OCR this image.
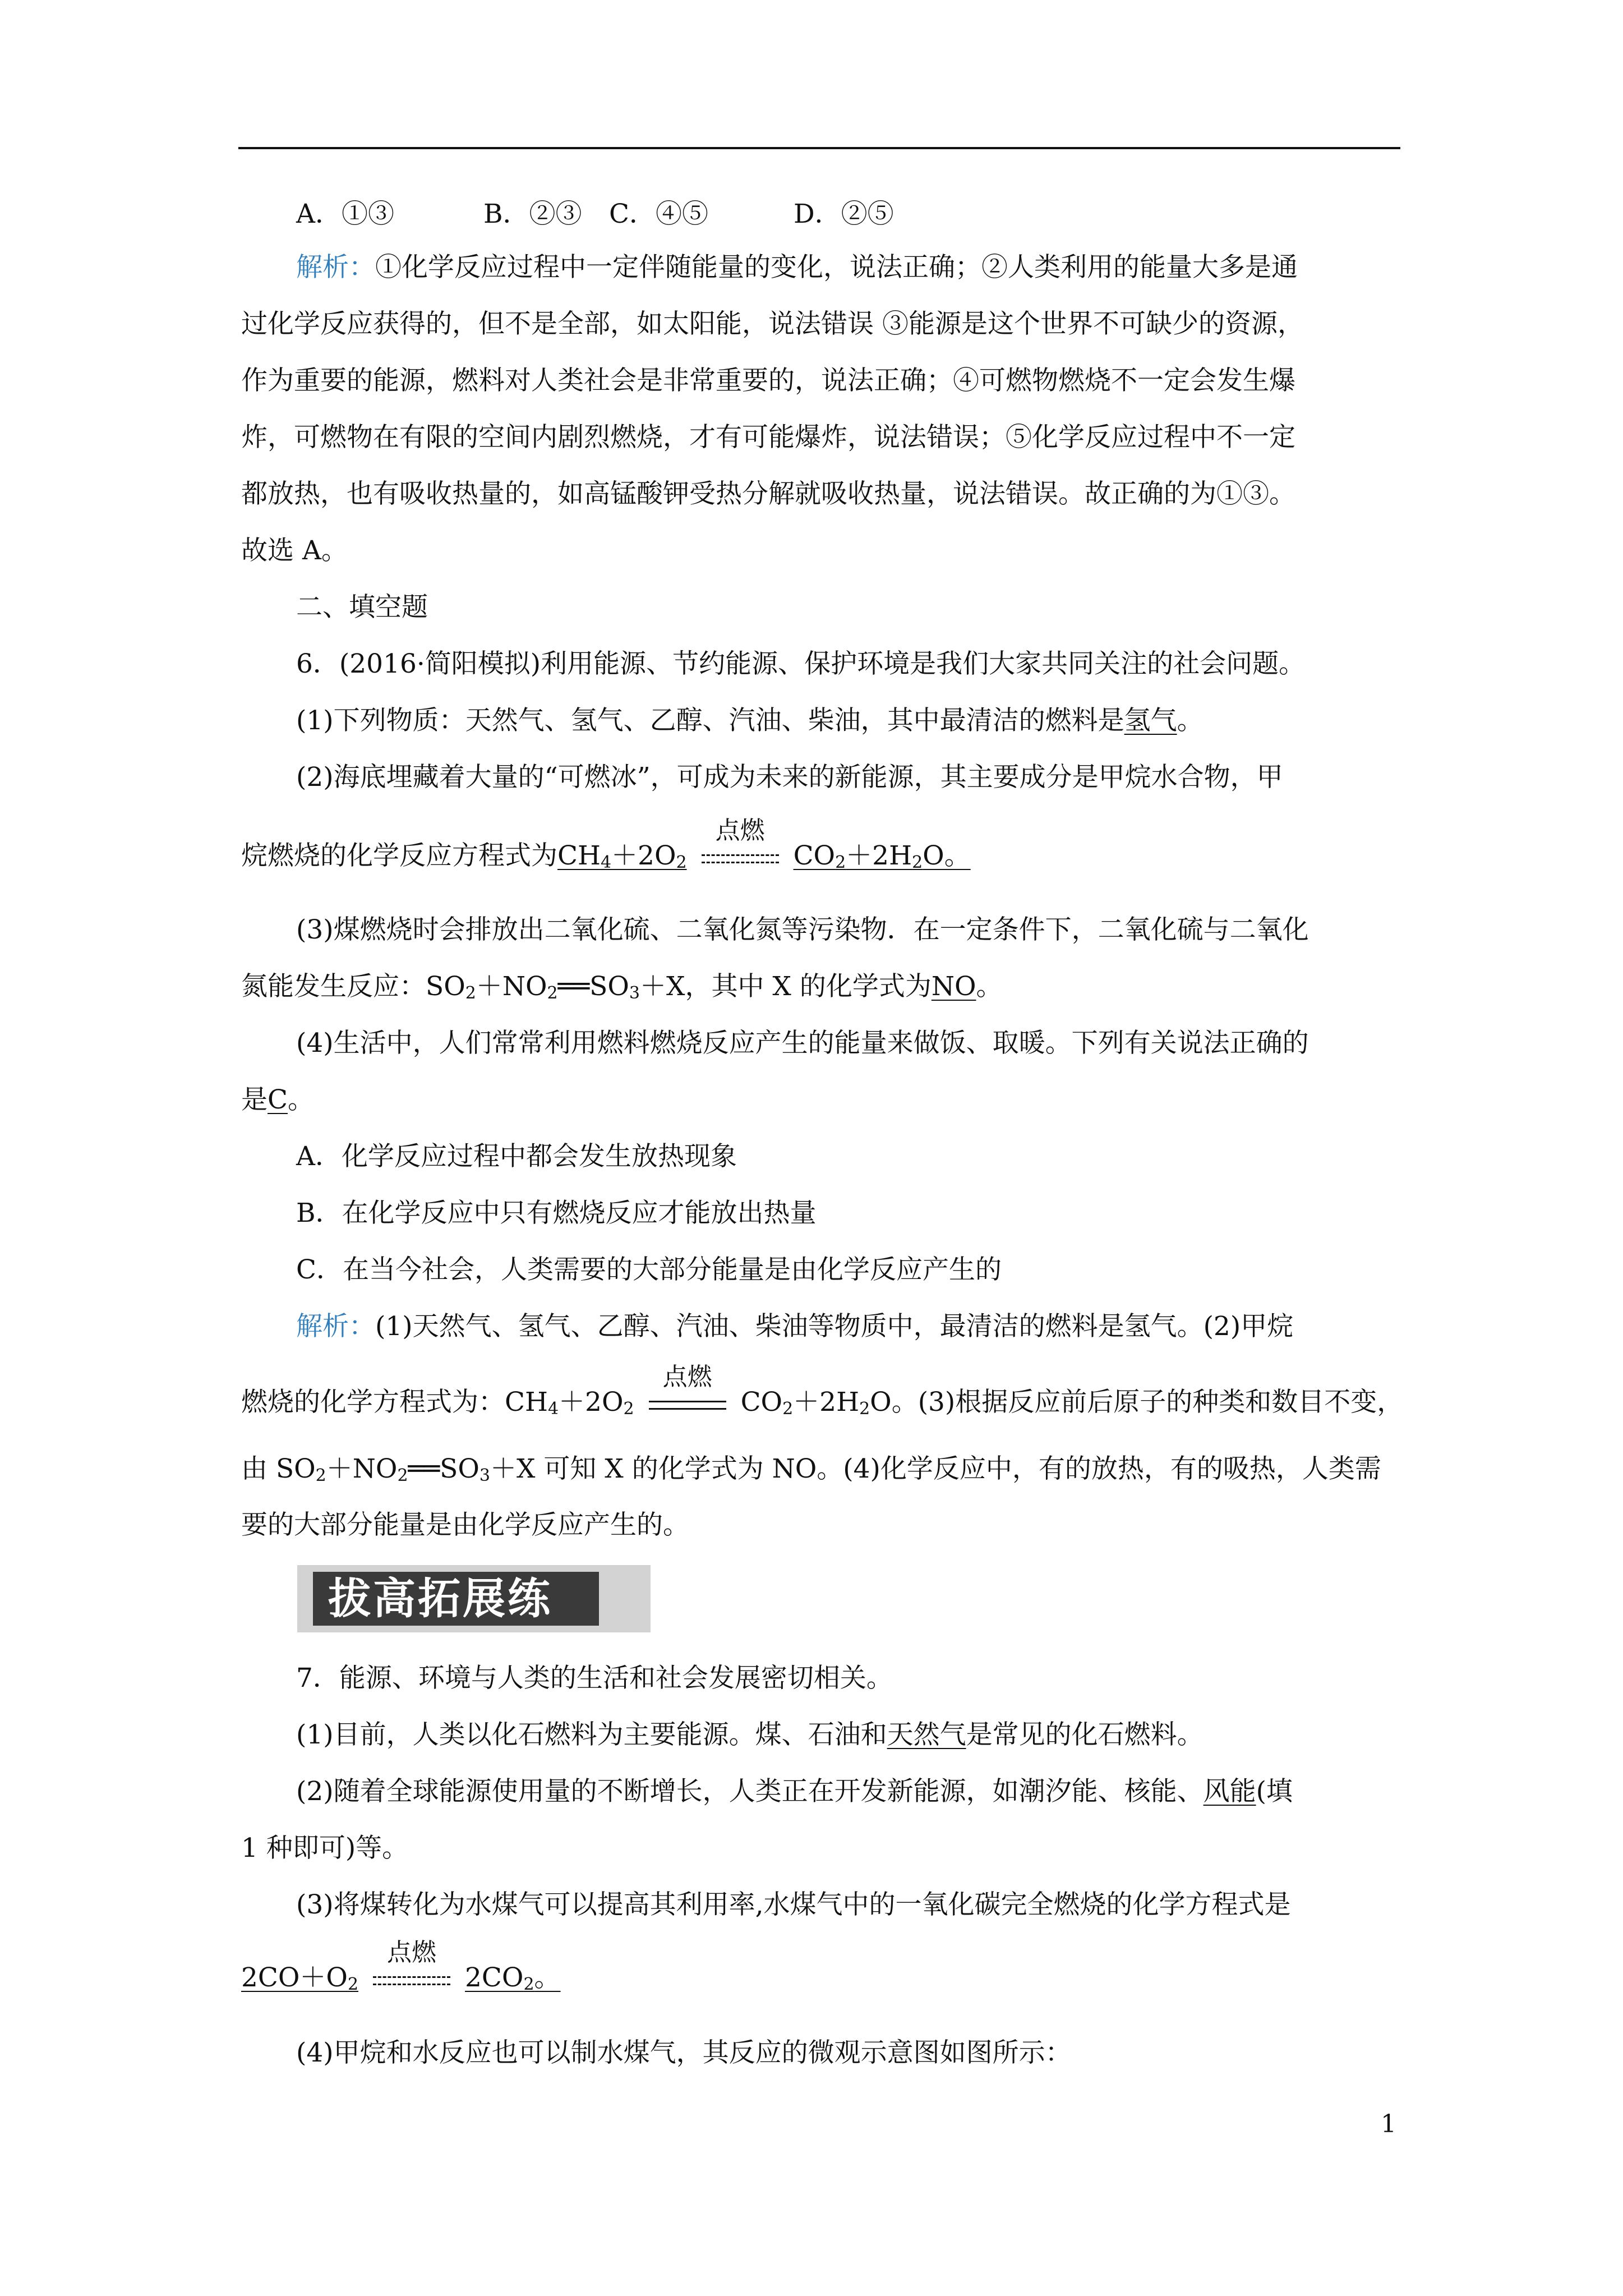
A．①③	B．②③ C．④⑤	D．②⑤
解析：①化学反应过程中一定伴随能量的变化，说法正确；②人类利用的能量大多是通
过化学反应获得的，但不是全部，如太阳能，说法错误 ③能源是这个世界不可缺少的资源，
作为重要的能源，燃料对人类社会是非常重要的，说法正确；④可燃物燃烧不一定会发生爆
炸，可燃物在有限的空间内剧烈燃烧，才有可能爆炸，说法错误；⑤化学反应过程中不一定
都放热，也有吸收热量的，如高锰酸钾受热分解就吸收热量，说法错误。故正确的为①③。
故选 A。
二、填空题
6．(2016·简阳模拟)利用能源、节约能源、保护环境是我们大家共同关注的社会问题。
(1)下列物质：天然气、氢气、乙醇、汽油、柴油，其中最清洁的燃料是氢气。
(2)海底埋藏着大量的“可燃冰”，可成为未来的新能源，其主要成分是甲烷水合物，甲
烷燃烧的化学反应方程式为$CH_4+2O_2$
点燃
$CO_2+2H_2O$。
(3)煤燃烧时会排放出二氧化硫、二氧化氮等污染物．在一定条件下，二氧化硫与二氧化
氮能发生反应：$SO_2+NO_2══SO_3+X$，其中 X 的化学式为NO。
(4)生活中，人们常常利用燃料燃烧反应产生的能量来做饭、取暖。下列有关说法正确的
是C。
A．化学反应过程中都会发生放热现象
B．在化学反应中只有燃烧反应才能放出热量
C．在当今社会，人类需要的大部分能量是由化学反应产生的
解析：(1)天然气、氢气、乙醇、汽油、柴油等物质中，最清洁的燃料是氢气。(2)甲烷
燃烧的化学方程式为：$CH_4+2O_2$
点燃
$CO_2+2H_2O$。(3)根据反应前后原子的种类和数目不变，
由 $SO_2+NO_2══SO_3+X$ 可知 X 的化学式为 NO。(4)化学反应中，有的放热，有的吸热，人类需
要的大部分能量是由化学反应产生的。
拔高拓展练
7．能源、环境与人类的生活和社会发展密切相关。
(1)目前，人类以化石燃料为主要能源。煤、石油和天然气是常见的化石燃料。
(2)随着全球能源使用量的不断增长，人类正在开发新能源，如潮汐能、核能、风能(填
1 种即可)等。
(3)将煤转化为水煤气可以提高其利用率,水煤气中的一氧化碳完全燃烧的化学方程式是
$2CO+O_2$
点燃
$2CO_2$。
(4)甲烷和水反应也可以制水煤气，其反应的微观示意图如图所示：
1
